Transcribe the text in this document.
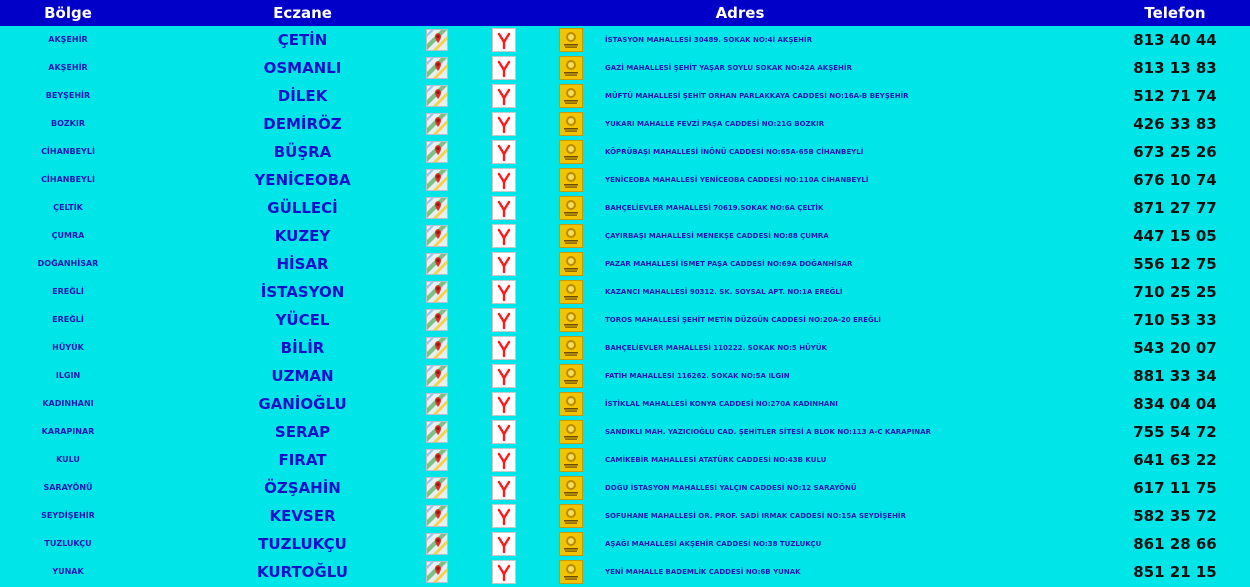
Bölge	Eczane	Adres	Telefon
AKŞEHİR	ÇETİN	İSTASYON MAHALLESİ 30489. SOKAK NO:4İ AKŞEHİR	813 40 44
AKŞEHİR	OSMANLI	GAZİ MAHALLESİ ŞEHİT YAŞAR SOYLU SOKAK NO:42A AKŞEHİR	813 13 83
BEYŞEHİR	DİLEK	MÜFTÜ MAHALLESİ ŞEHİT ORHAN PARLAKKAYA CADDESİ NO:16A-B BEYŞEHİR	512 71 74
BOZKIR	DEMİRÖZ	YUKARI MAHALLE FEVZİ PAŞA CADDESİ NO:21G BOZKIR	426 33 83
CİHANBEYLİ	BÜŞRA	KÖPRÜBAŞI MAHALLESİ İNÖNÜ CADDESİ NO:65A-65B CİHANBEYLİ	673 25 26
CİHANBEYLİ	YENİCEOBA	YENİCEOBA MAHALLESİ YENİCEOBA CADDESİ NO:110A CİHANBEYLİ	676 10 74
ÇELTİK	GÜLLECİ	BAHÇELİEVLER MAHALLESİ 70619.SOKAK NO:6A ÇELTİK	871 27 77
ÇUMRA	KUZEY	ÇAYIRBAŞI MAHALLESİ MENEKŞE CADDESİ NO:88 ÇUMRA	447 15 05
DOĞANHİSAR	HİSAR	PAZAR MAHALLESİ İSMET PAŞA CADDESİ NO:69A DOĞANHİSAR	556 12 75
EREĞLİ	İSTASYON	KAZANCI MAHALLESİ 90312. SK. SOYSAL APT. NO:1A EREĞLİ	710 25 25
EREĞLİ	YÜCEL	TOROS MAHALLESİ ŞEHİT METİN DÜZGÜN CADDESİ NO:20A-20 EREĞLİ	710 53 33
HÜYÜK	BİLİR	BAHÇELİEVLER MAHALLESİ 110222. SOKAK NO:5 HÜYÜK	543 20 07
ILGIN	UZMAN	FATİH MAHALLESİ 116262. SOKAK NO:5A ILGIN	881 33 34
KADINHANI	GANİOĞLU	İSTİKLAL MAHALLESİ KONYA CADDESİ NO:270A KADINHANI	834 04 04
KARAPINAR	SERAP	SANDIKLI MAH. YAZICIOĞLU CAD. ŞEHİTLER SİTESİ A BLOK NO:113 A-C KARAPINAR	755 54 72
KULU	FIRAT	CAMİKEBİR MAHALLESİ ATATÜRK CADDESİ NO:43B KULU	641 63 22
SARAYÖNÜ	ÖZŞAHİN	DOĞU İSTASYON MAHALLESİ YALÇIN CADDESİ NO:12 SARAYÖNÜ	617 11 75
SEYDİŞEHİR	KEVSER	SOFUHANE MAHALLESİ OR. PROF. SADİ IRMAK CADDESİ NO:15A SEYDİŞEHİR	582 35 72
TUZLUKÇU	TUZLUKÇU	AŞAĞI MAHALLESİ AKŞEHİR CADDESİ NO:38 TUZLUKÇU	861 28 66
YUNAK	KURTOĞLU	YENİ MAHALLE BADEMLİK CADDESİ NO:6B YUNAK	851 21 15
